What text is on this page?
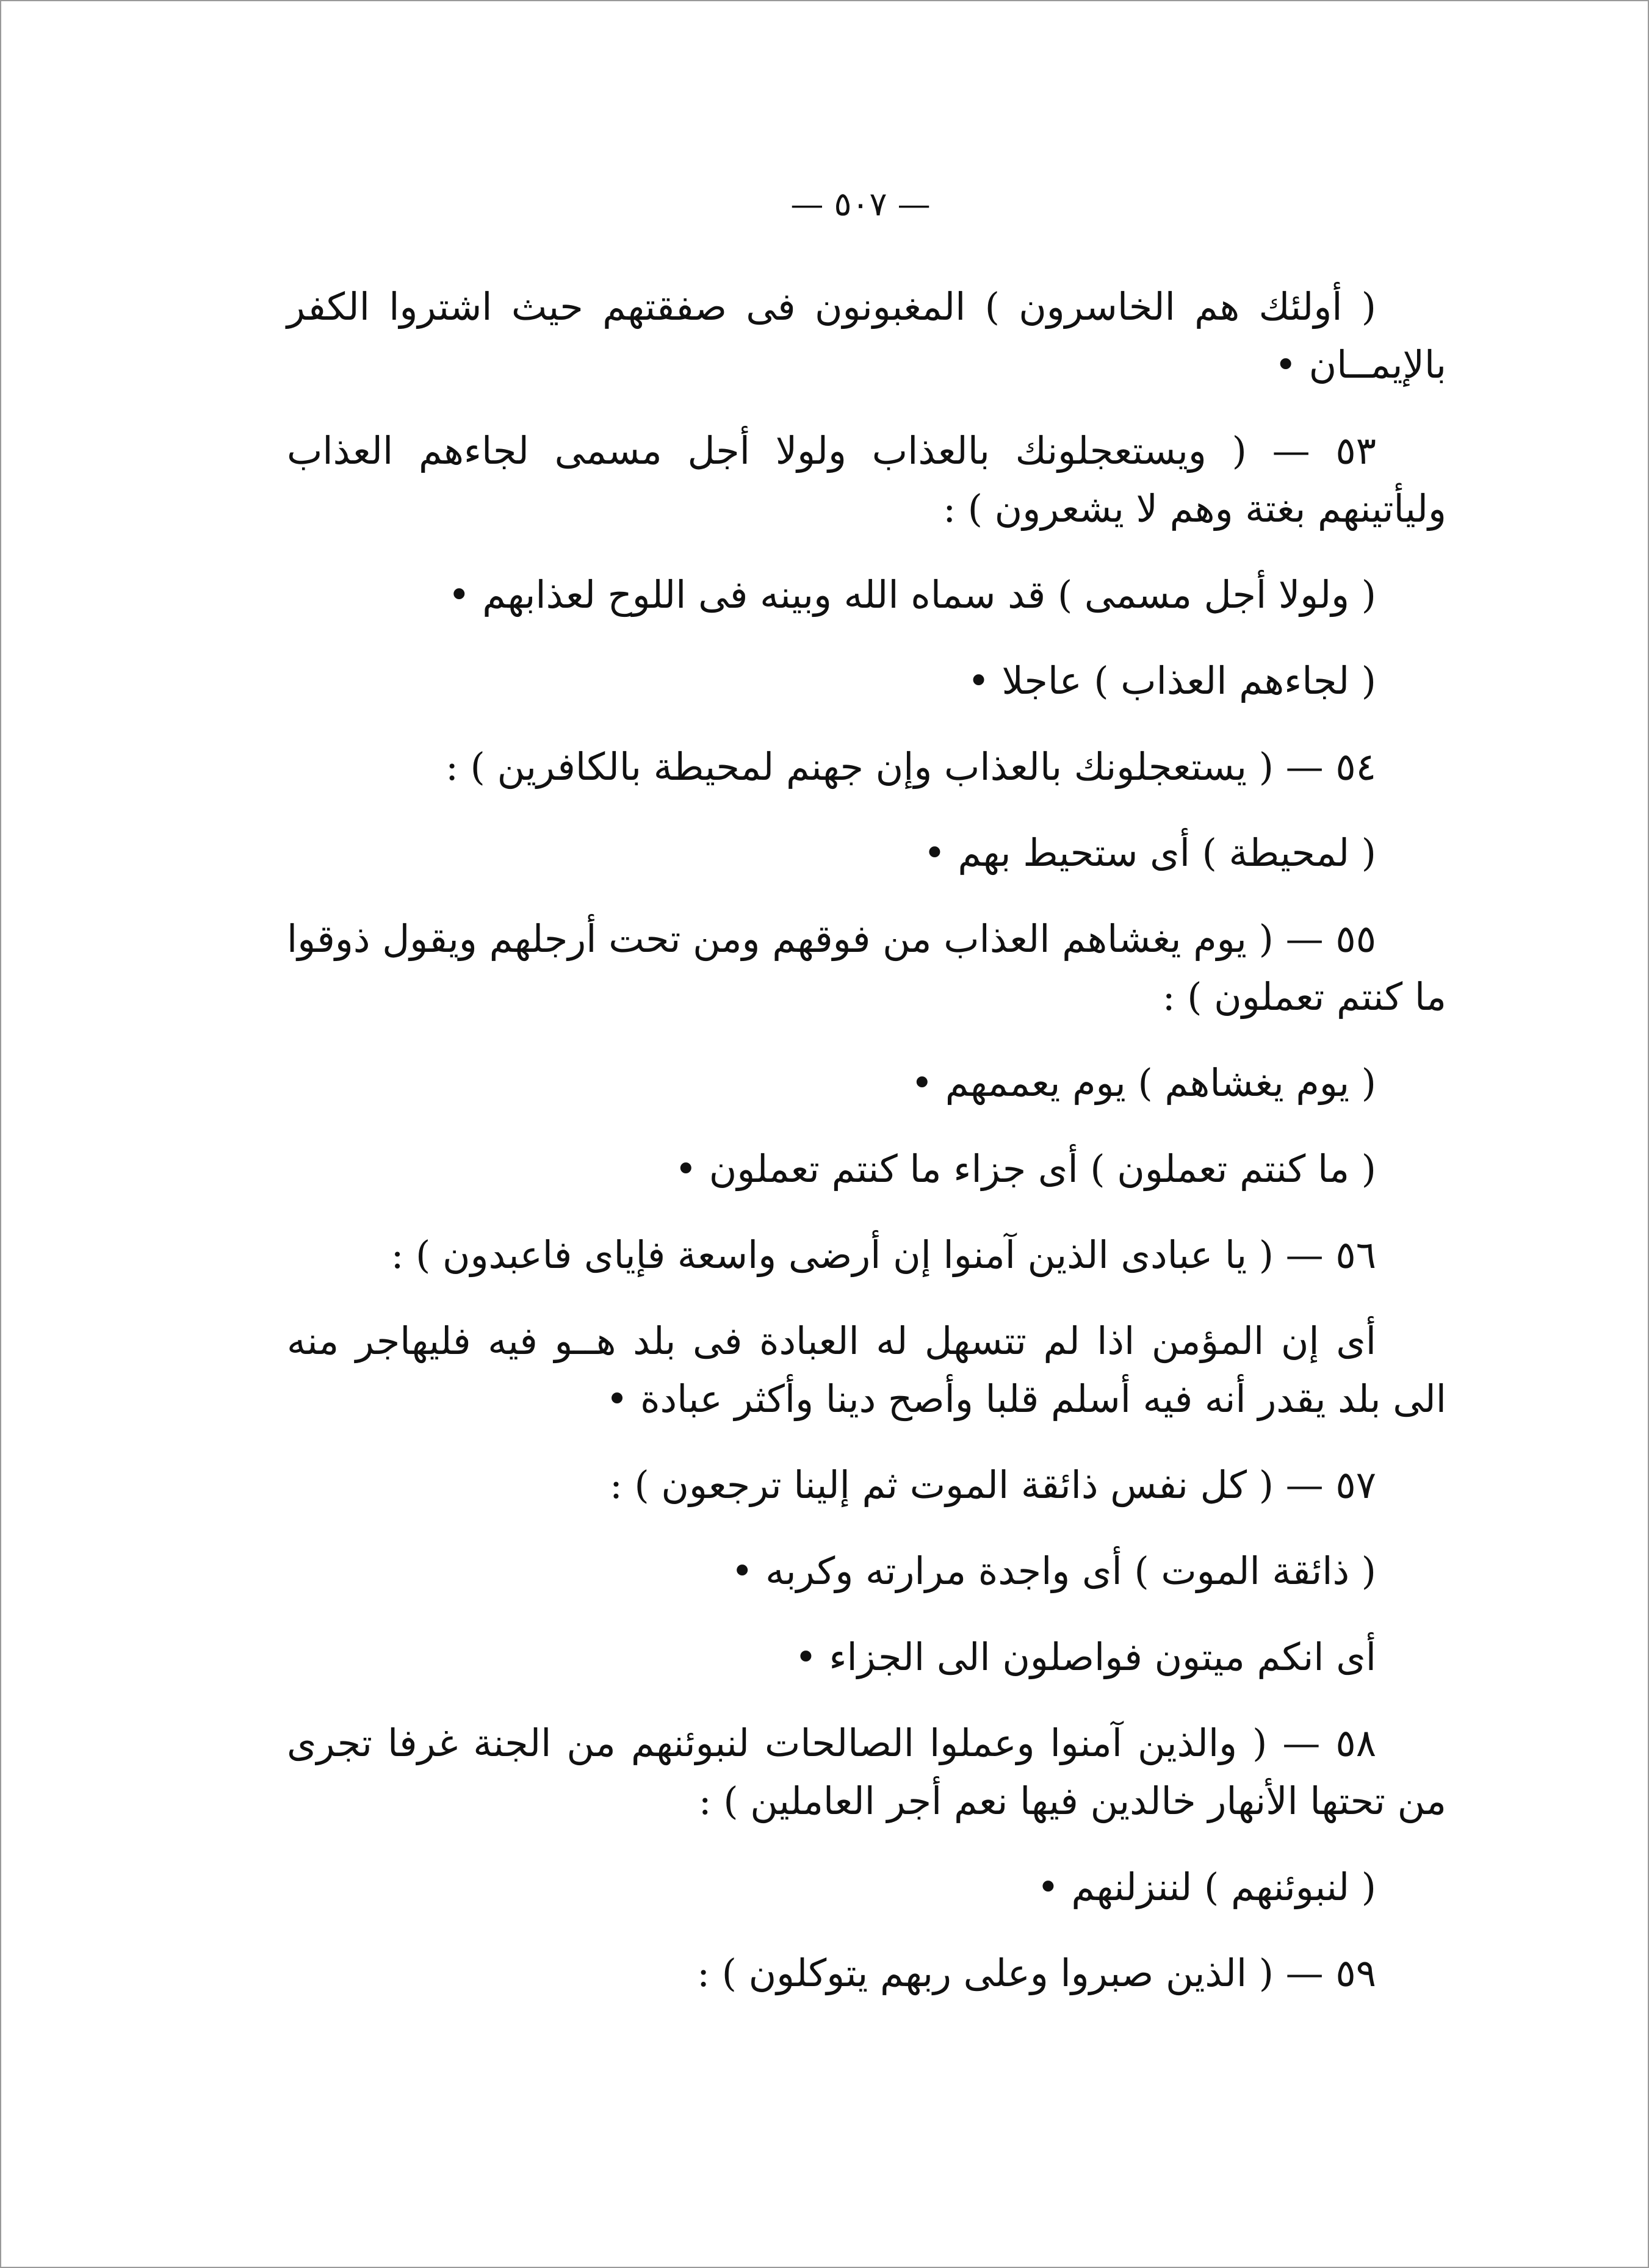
— ٥٠٧ —

( أولئك هم الخاسرون ) المغبونون فى صفقتهم حيث اشتروا الكفر بالإيمــان •

٥٣ — ( ويستعجلونك بالعذاب ولولا أجل مسمى لجاءهم العذاب وليأتينهم بغتة وهم لا يشعرون ) :

( ولولا أجل مسمى ) قد سماه الله وبينه فى اللوح لعذابهم •

( لجاءهم العذاب ) عاجلا •

٥٤ — ( يستعجلونك بالعذاب وإن جهنم لمحيطة بالكافرين ) :

( لمحيطة ) أى ستحيط بهم •

٥٥ — ( يوم يغشاهم العذاب من فوقهم ومن تحت أرجلهم ويقول ذوقوا ما كنتم تعملون ) :

( يوم يغشاهم ) يوم يعممهم •

( ما كنتم تعملون ) أى جزاء ما كنتم تعملون •

٥٦ — ( يا عبادى الذين آمنوا إن أرضى واسعة فإياى فاعبدون ) :

أى إن المؤمن اذا لم تتسهل له العبادة فى بلد هــو فيه فليهاجر منه الى بلد يقدر أنه فيه أسلم قلبا وأصح دينا وأكثر عبادة •

٥٧ — ( كل نفس ذائقة الموت ثم إلينا ترجعون ) :

( ذائقة الموت ) أى واجدة مرارته وكربه •

أى انكم ميتون فواصلون الى الجزاء •

٥٨ — ( والذين آمنوا وعملوا الصالحات لنبوئنهم من الجنة غرفا تجرى من تحتها الأنهار خالدين فيها نعم أجر العاملين ) :

( لنبوئنهم ) لننزلنهم •

٥٩ — ( الذين صبروا وعلى ربهم يتوكلون ) :
